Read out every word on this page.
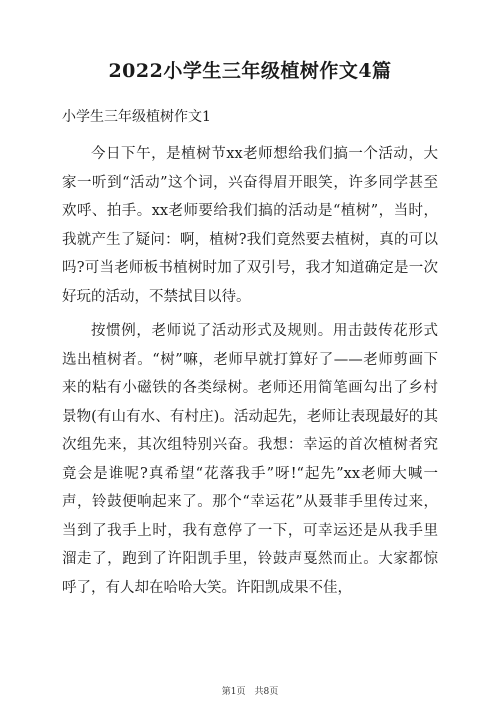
2022小学生三年级植树作文4篇
小学生三年级植树作文1

今日下午，是植树节xx老师想给我们搞一个活动，大家一听到“活动”这个词，兴奋得眉开眼笑，许多同学甚至欢呼、拍手。xx老师要给我们搞的活动是“植树”，当时，我就产生了疑问：啊，植树?我们竟然要去植树，真的可以吗?可当老师板书植树时加了双引号，我才知道确定是一次好玩的活动，不禁拭目以待。

按惯例，老师说了活动形式及规则。用击鼓传花形式选出植树者。“树”嘛，老师早就打算好了——老师剪画下来的粘有小磁铁的各类绿树。老师还用简笔画勾出了乡村景物(有山有水、有村庄)。活动起先，老师让表现最好的其次组先来，其次组特别兴奋。我想：幸运的首次植树者究竟会是谁呢?真希望“花落我手”呀!“起先”xx老师大喊一声，铃鼓便响起来了。那个“幸运花”从聂菲手里传过来，当到了我手上时，我有意停了一下，可幸运还是从我手里溜走了，跑到了许阳凯手里，铃鼓声戛然而止。大家都惊呼了，有人却在哈哈大笑。许阳凯成果不佳，

第1页　共8页
